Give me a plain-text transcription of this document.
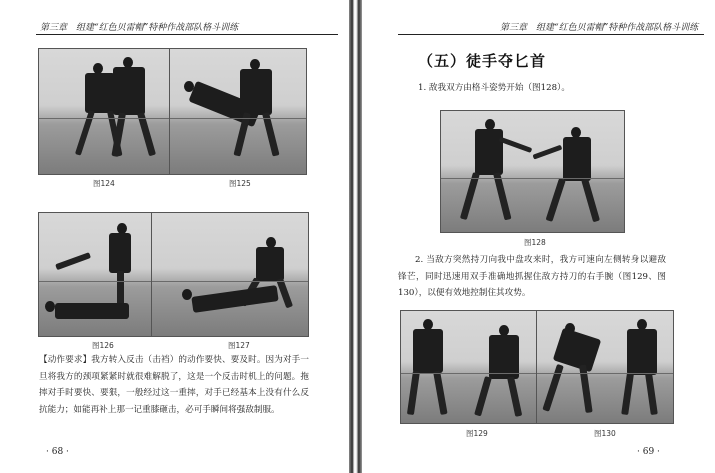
第三章　组建“红色贝雷帽”特种作战部队格斗训练
图124	图125
图126	图127
【动作要求】我方转入反击（击裆）的动作要快、要及时。因为对手一旦将我方的颈项紧紧时就很难解脱了，这是一个反击时机上的问题。拖摔对手时要快、要狠，一般经过这一重摔，对手已经基本上没有什么反抗能力；如能再补上那一记重膝砸击，必可手瞬间将强敌制服。
· 68 ·
第三章　组建“红色贝雷帽”特种作战部队格斗训练
（五）徒手夺匕首
1. 敌我双方由格斗姿势开始（图128）。
图128
2. 当敌方突然持刀向我中盘攻来时，我方可速向左侧转身以避敌锋芒，同时迅速用双手准确地抓握住敌方持刀的右手腕（图129、图130），以便有效地控制住其攻势。
图129	图130
· 69 ·
